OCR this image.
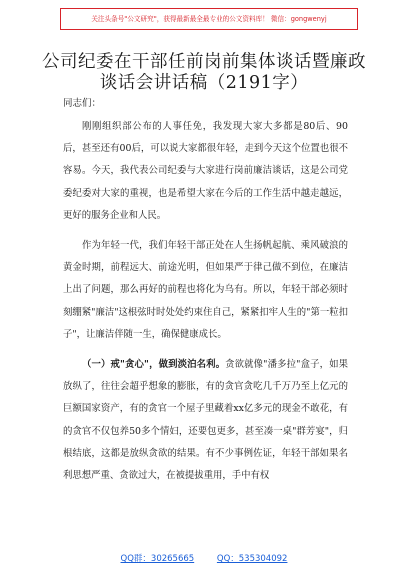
关注头条号"公文研究"，获得最新最全最专业的公文资料库！ 微信：gongwenyj
公司纪委在干部任前岗前集体谈话暨廉政谈话会讲话稿（2191字）
同志们：

刚刚组织部公布的人事任免，我发现大家大多都是80后、90后，甚至还有00后，可以说大家都很年轻，走到今天这个位置也很不容易。今天，我代表公司纪委与大家进行岗前廉洁谈话，这是公司党委纪委对大家的重视，也是希望大家在今后的工作生活中越走越远，更好的服务企业和人民。

作为年轻一代，我们年轻干部正处在人生扬帆起航、乘风破浪的黄金时期，前程远大、前途光明，但如果严于律己做不到位，在廉洁上出了问题，那么再好的前程也将化为乌有。所以，年轻干部必须时刻绷紧"廉洁"这根弦时时处处约束住自己，紧紧扣牢人生的"第一粒扣子"，让廉洁伴随一生，确保健康成长。

（一）戒"贪心"，做到淡泊名利。贪欲就像"潘多拉"盒子，如果放纵了，往往会超乎想象的膨胀，有的贪官贪吃几千万乃至上亿元的巨额国家资产，有的贪官一个屋子里藏着xx亿多元的现金不敢花，有的贪官不仅包养50多个情妇，还要包更多，甚至凑一桌"群芳宴"，归根结底，这都是放纵贪欲的结果。有不少事例佐证，年轻干部如果名利思想严重、贪欲过大，在被提拔重用，手中有权

QQ群：30265665	QQ：535304092
